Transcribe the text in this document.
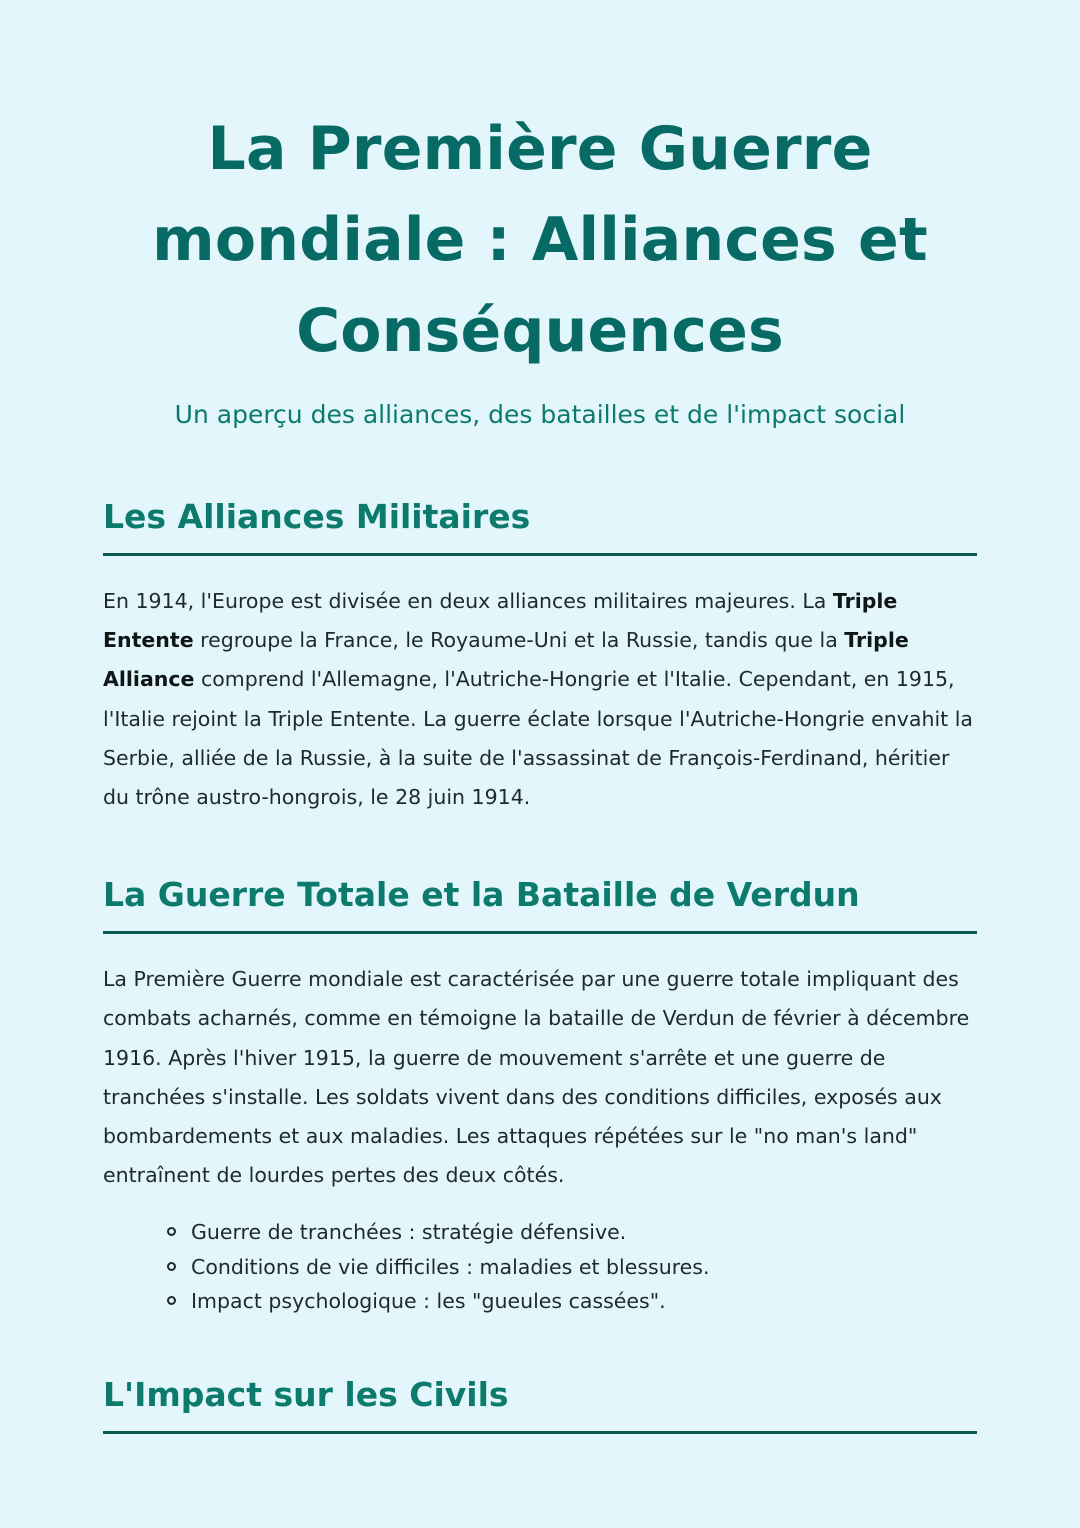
La Première Guerre mondiale : Alliances et Conséquences

Un aperçu des alliances, des batailles et de l'impact social

Les Alliances Militaires

En 1914, l'Europe est divisée en deux alliances militaires majeures. La Triple Entente regroupe la France, le Royaume-Uni et la Russie, tandis que la Triple Alliance comprend l'Allemagne, l'Autriche-Hongrie et l'Italie. Cependant, en 1915, l'Italie rejoint la Triple Entente. La guerre éclate lorsque l'Autriche-Hongrie envahit la Serbie, alliée de la Russie, à la suite de l'assassinat de François-Ferdinand, héritier du trône austro-hongrois, le 28 juin 1914.

La Guerre Totale et la Bataille de Verdun

La Première Guerre mondiale est caractérisée par une guerre totale impliquant des combats acharnés, comme en témoigne la bataille de Verdun de février à décembre 1916. Après l'hiver 1915, la guerre de mouvement s'arrête et une guerre de tranchées s'installe. Les soldats vivent dans des conditions difficiles, exposés aux bombardements et aux maladies. Les attaques répétées sur le "no man's land" entraînent de lourdes pertes des deux côtés.

Guerre de tranchées : stratégie défensive.
Conditions de vie difficiles : maladies et blessures.
Impact psychologique : les "gueules cassées".
L'Impact sur les Civils
